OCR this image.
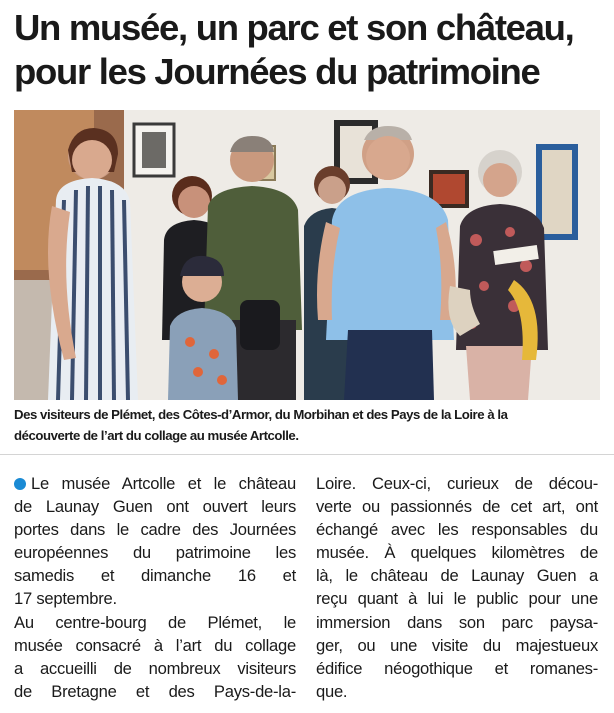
Un musée, un parc et son château,
pour les Journées du patrimoine
Des visiteurs de Plémet, des Côtes-d’Armor, du Morbihan et des Pays de la Loire à la
découverte de l’art du collage au musée Artcolle.
Le musée Artcolle et le château
de Launay Guen ont ouvert leurs
portes dans le cadre des Journées
européennes du patrimoine les
samedis et dimanche 16 et
17 septembre.
Au centre-bourg de Plémet, le
musée consacré à l’art du collage
a accueilli de nombreux visiteurs
de Bretagne et des Pays-de-la-
Loire. Ceux-ci, curieux de décou-
verte ou passionnés de cet art, ont
échangé avec les responsables du
musée. À quelques kilomètres de
là, le château de Launay Guen a
reçu quant à lui le public pour une
immersion dans son parc paysa-
ger, ou une visite du majestueux
édifice néogothique et romanes-
que.
